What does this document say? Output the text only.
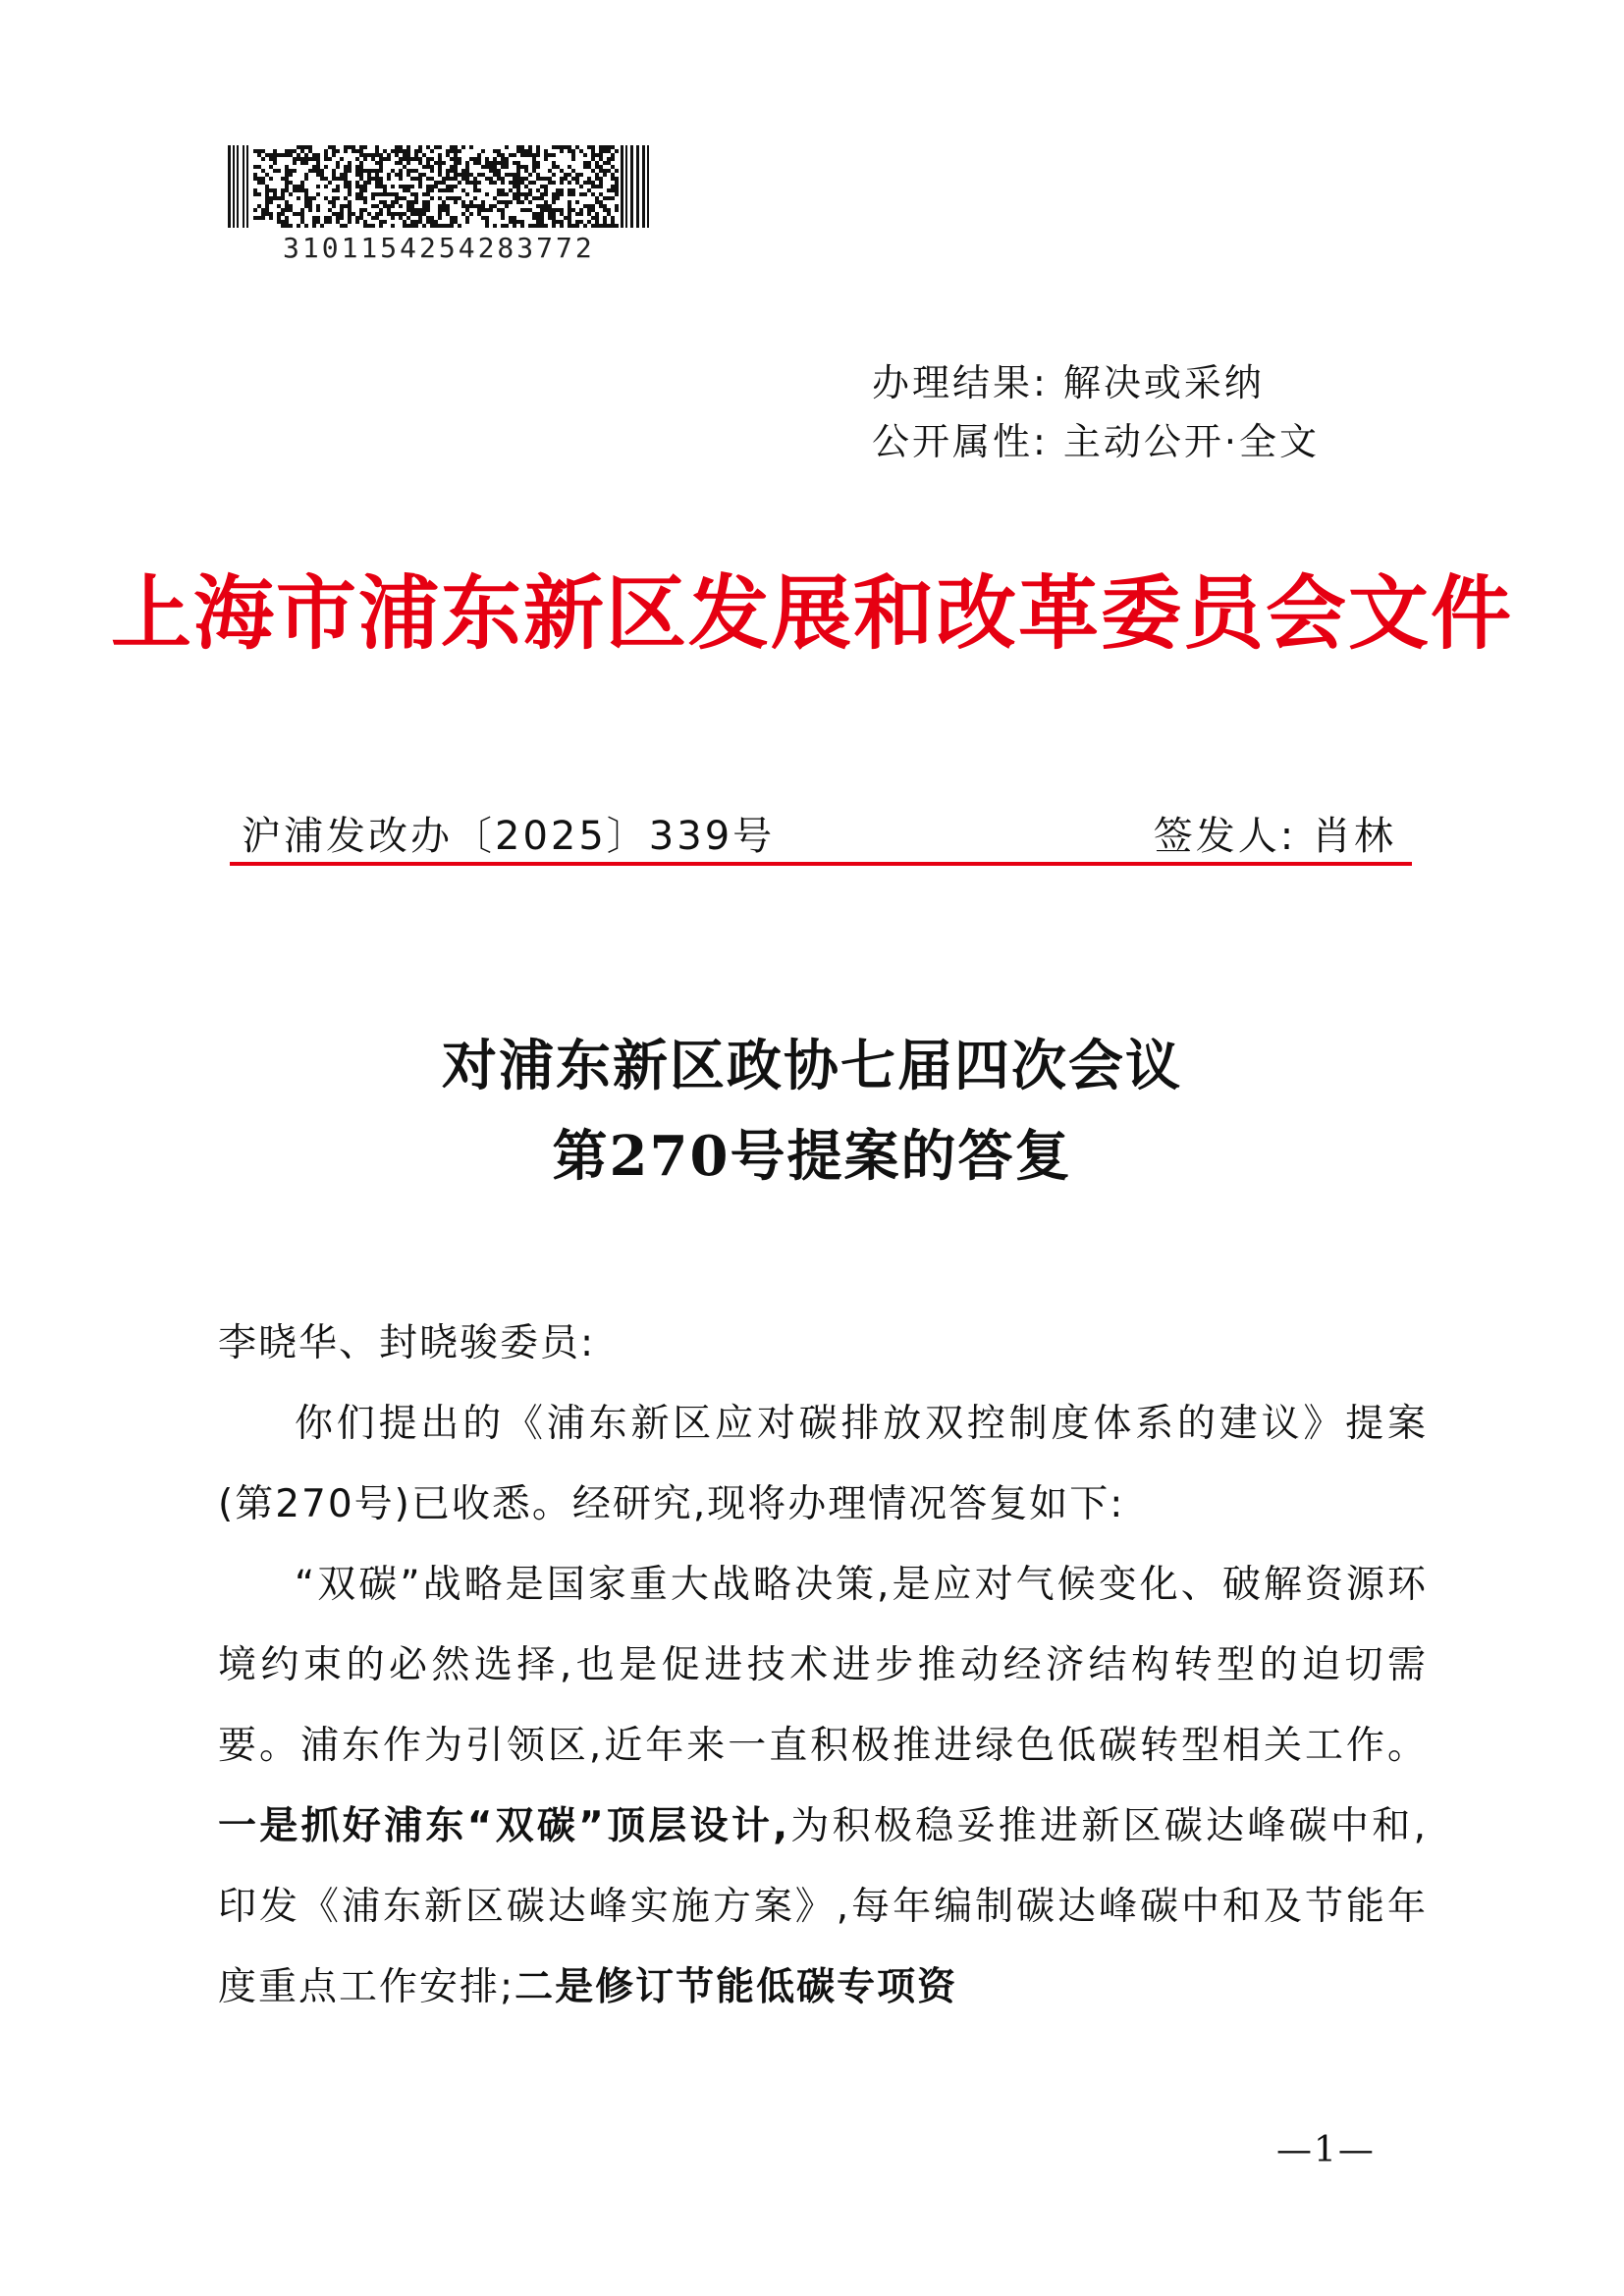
3101154254283772
办理结果: 解决或采纳
公开属性: 主动公开·全文
上海市浦东新区发展和改革委员会文件
沪浦发改办〔2025〕339号	签发人: 肖林
对浦东新区政协七届四次会议
第270号提案的答复

李晓华、封晓骏委员:

你们提出的《浦东新区应对碳排放双控制度体系的建议》提案(第270号)已收悉。经研究,现将办理情况答复如下:

“双碳”战略是国家重大战略决策,是应对气候变化、破解资源环境约束的必然选择,也是促进技术进步推动经济结构转型的迫切需要。浦东作为引领区,近年来一直积极推进绿色低碳转型相关工作。一是抓好浦东“双碳”顶层设计,为积极稳妥推进新区碳达峰碳中和,印发《浦东新区碳达峰实施方案》,每年编制碳达峰碳中和及节能年度重点工作安排;二是修订节能低碳专项资

—1—
